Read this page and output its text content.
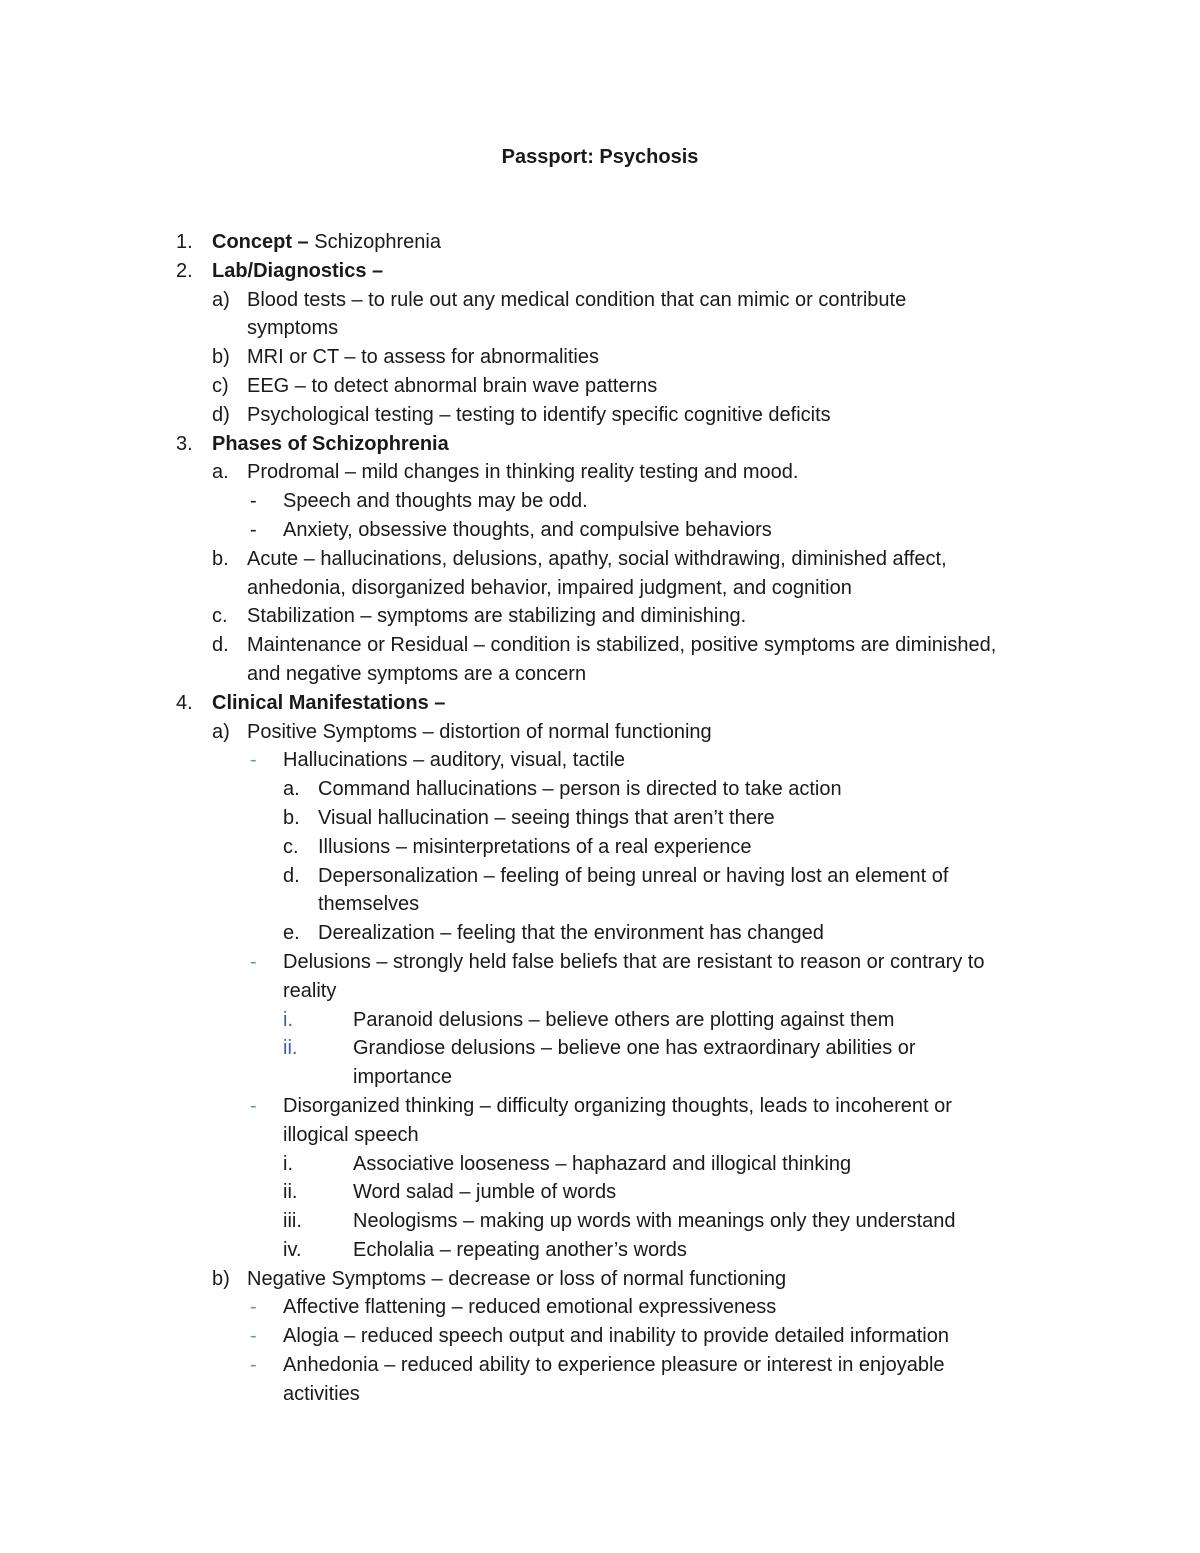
Passport: Psychosis
1. Concept – Schizophrenia
2. Lab/Diagnostics –
a) Blood tests – to rule out any medical condition that can mimic or contribute
symptoms
b) MRI or CT – to assess for abnormalities
c) EEG – to detect abnormal brain wave patterns
d) Psychological testing – testing to identify specific cognitive deficits
3. Phases of Schizophrenia
a. Prodromal – mild changes in thinking reality testing and mood.
- Speech and thoughts may be odd.
- Anxiety, obsessive thoughts, and compulsive behaviors
b. Acute – hallucinations, delusions, apathy, social withdrawing, diminished affect,
anhedonia, disorganized behavior, impaired judgment, and cognition
c. Stabilization – symptoms are stabilizing and diminishing.
d. Maintenance or Residual – condition is stabilized, positive symptoms are diminished,
and negative symptoms are a concern
4. Clinical Manifestations –
a) Positive Symptoms – distortion of normal functioning
- Hallucinations – auditory, visual, tactile
a. Command hallucinations – person is directed to take action
b. Visual hallucination – seeing things that aren’t there
c. Illusions – misinterpretations of a real experience
d. Depersonalization – feeling of being unreal or having lost an element of
themselves
e. Derealization – feeling that the environment has changed
- Delusions – strongly held false beliefs that are resistant to reason or contrary to
reality
i.	Paranoid delusions – believe others are plotting against them
ii.	Grandiose delusions – believe one has extraordinary abilities or
importance
- Disorganized thinking – difficulty organizing thoughts, leads to incoherent or
illogical speech
i.	Associative looseness – haphazard and illogical thinking
ii.	Word salad – jumble of words
iii.	Neologisms – making up words with meanings only they understand
iv.	Echolalia – repeating another’s words
b) Negative Symptoms – decrease or loss of normal functioning
- Affective flattening – reduced emotional expressiveness
- Alogia – reduced speech output and inability to provide detailed information
- Anhedonia – reduced ability to experience pleasure or interest in enjoyable
activities
